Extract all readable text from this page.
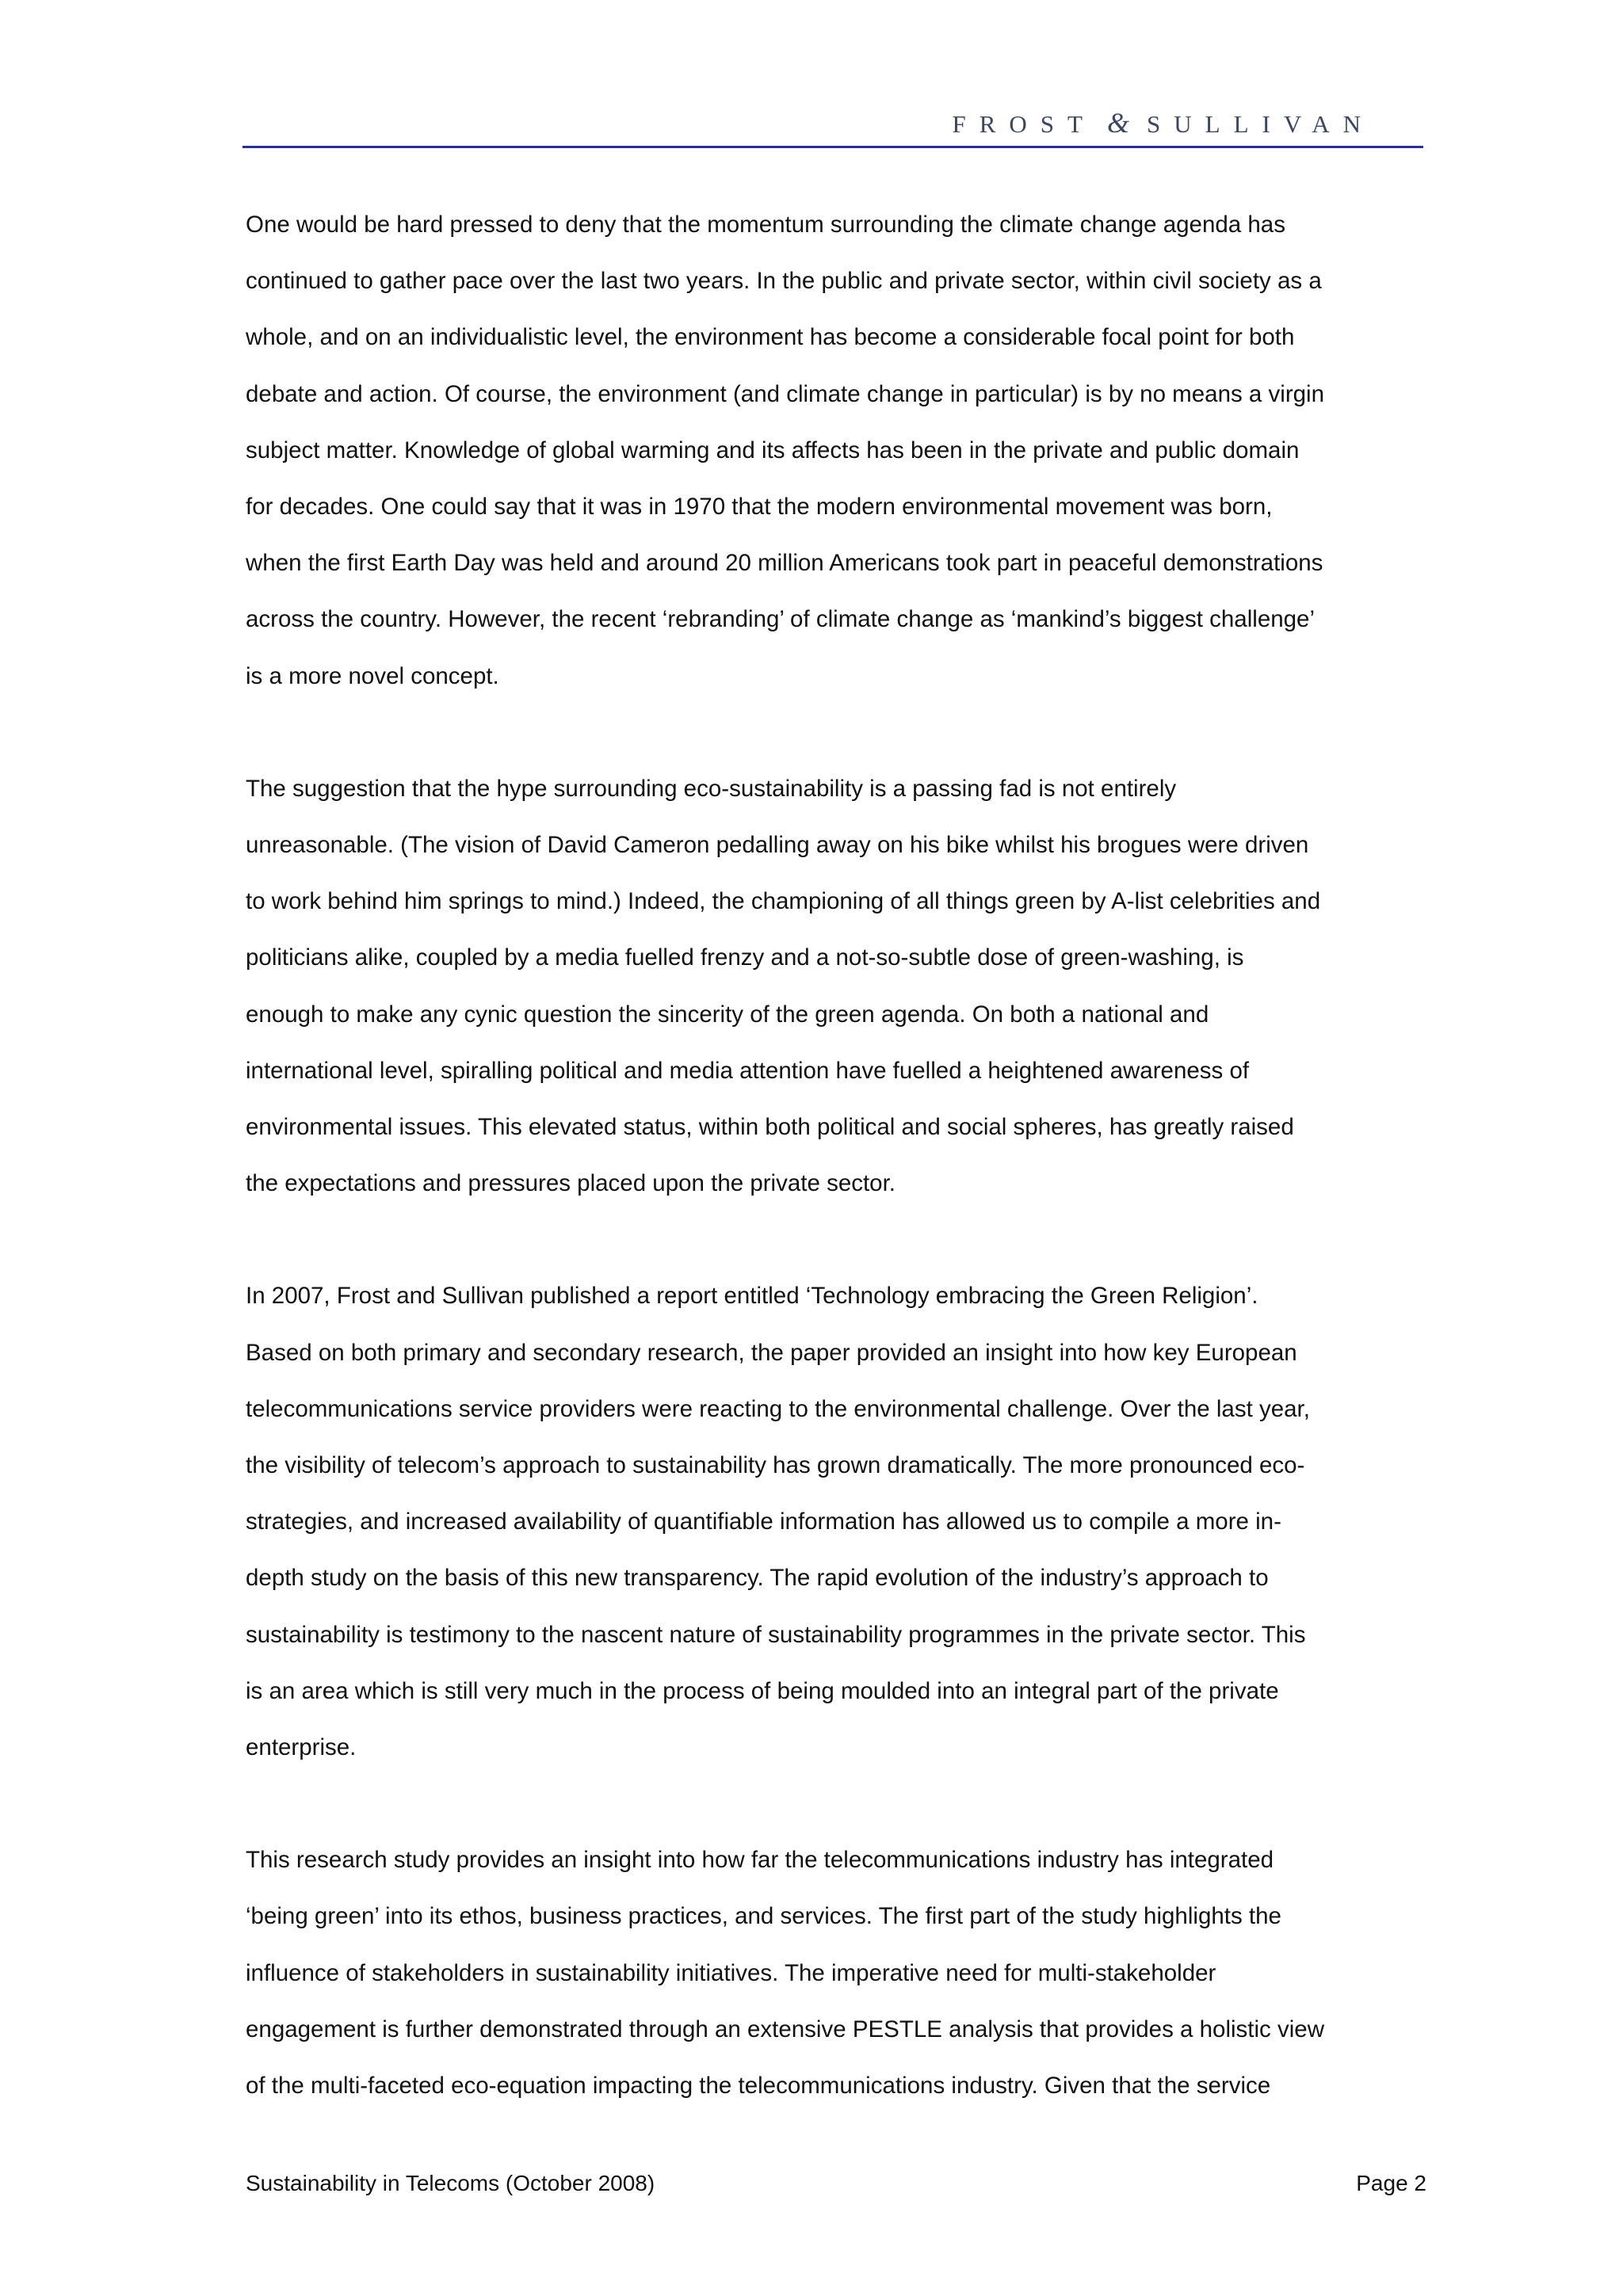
FROST & SULLIVAN
One would be hard pressed to deny that the momentum surrounding the climate change agenda has
continued to gather pace over the last two years. In the public and private sector, within civil society as a
whole, and on an individualistic level, the environment has become a considerable focal point for both
debate and action. Of course, the environment (and climate change in particular) is by no means a virgin
subject matter. Knowledge of global warming and its affects has been in the private and public domain
for decades. One could say that it was in 1970 that the modern environmental movement was born,
when the first Earth Day was held and around 20 million Americans took part in peaceful demonstrations
across the country. However, the recent ‘rebranding’ of climate change as ‘mankind’s biggest challenge’
is a more novel concept.
The suggestion that the hype surrounding eco-sustainability is a passing fad is not entirely
unreasonable. (The vision of David Cameron pedalling away on his bike whilst his brogues were driven
to work behind him springs to mind.) Indeed, the championing of all things green by A-list celebrities and
politicians alike, coupled by a media fuelled frenzy and a not-so-subtle dose of green-washing, is
enough to make any cynic question the sincerity of the green agenda. On both a national and
international level, spiralling political and media attention have fuelled a heightened awareness of
environmental issues. This elevated status, within both political and social spheres, has greatly raised
the expectations and pressures placed upon the private sector.
In 2007, Frost and Sullivan published a report entitled ‘Technology embracing the Green Religion’.
Based on both primary and secondary research, the paper provided an insight into how key European
telecommunications service providers were reacting to the environmental challenge. Over the last year,
the visibility of telecom’s approach to sustainability has grown dramatically. The more pronounced eco-
strategies, and increased availability of quantifiable information has allowed us to compile a more in-
depth study on the basis of this new transparency. The rapid evolution of the industry’s approach to
sustainability is testimony to the nascent nature of sustainability programmes in the private sector. This
is an area which is still very much in the process of being moulded into an integral part of the private
enterprise.
This research study provides an insight into how far the telecommunications industry has integrated
‘being green’ into its ethos, business practices, and services. The first part of the study highlights the
influence of stakeholders in sustainability initiatives. The imperative need for multi-stakeholder
engagement is further demonstrated through an extensive PESTLE analysis that provides a holistic view
of the multi-faceted eco-equation impacting the telecommunications industry. Given that the service
Sustainability in Telecoms (October 2008)	Page 2
